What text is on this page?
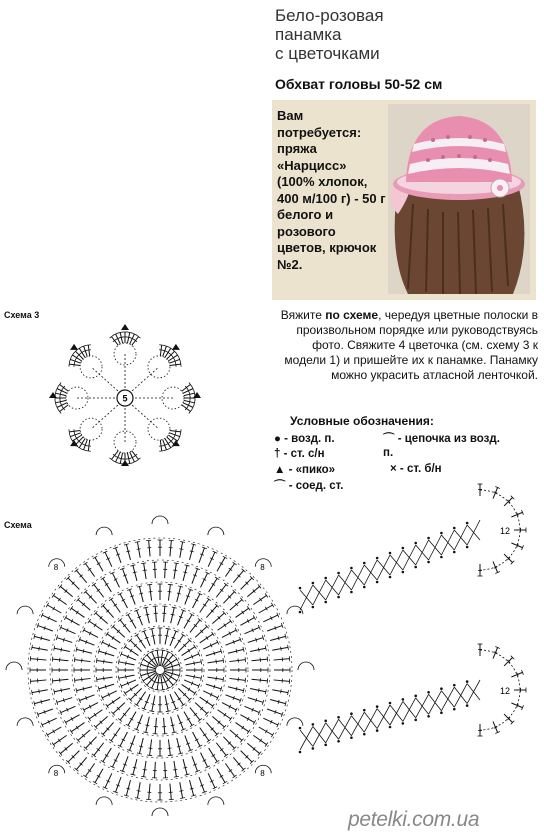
Бело-розовая
панамка
с цветочками
Обхват головы 50-52 см
Вам потребуется: пряжа «Нарцисс» (100% хлопок, 400 м/100 г) - 50 г белого и розового цветов, крючок №2.
Вяжите по схеме, чередуя цветные полоски в произвольном порядке или руководствуясь фото. Свяжите 4 цветочка (см. схему 3 к модели 1) и пришейте их к панамке. Панамку можно украсить атласной ленточкой.
Условные обозначения:
● - возд. п.
† - ст. с/н
▲ - «пико»
⌒ - соед. ст.
⌒ - цепочка из возд. п.
× - ст. б/н
Схема 3
Схема
5
8
8
8	8
12
12
petelki.com.ua
